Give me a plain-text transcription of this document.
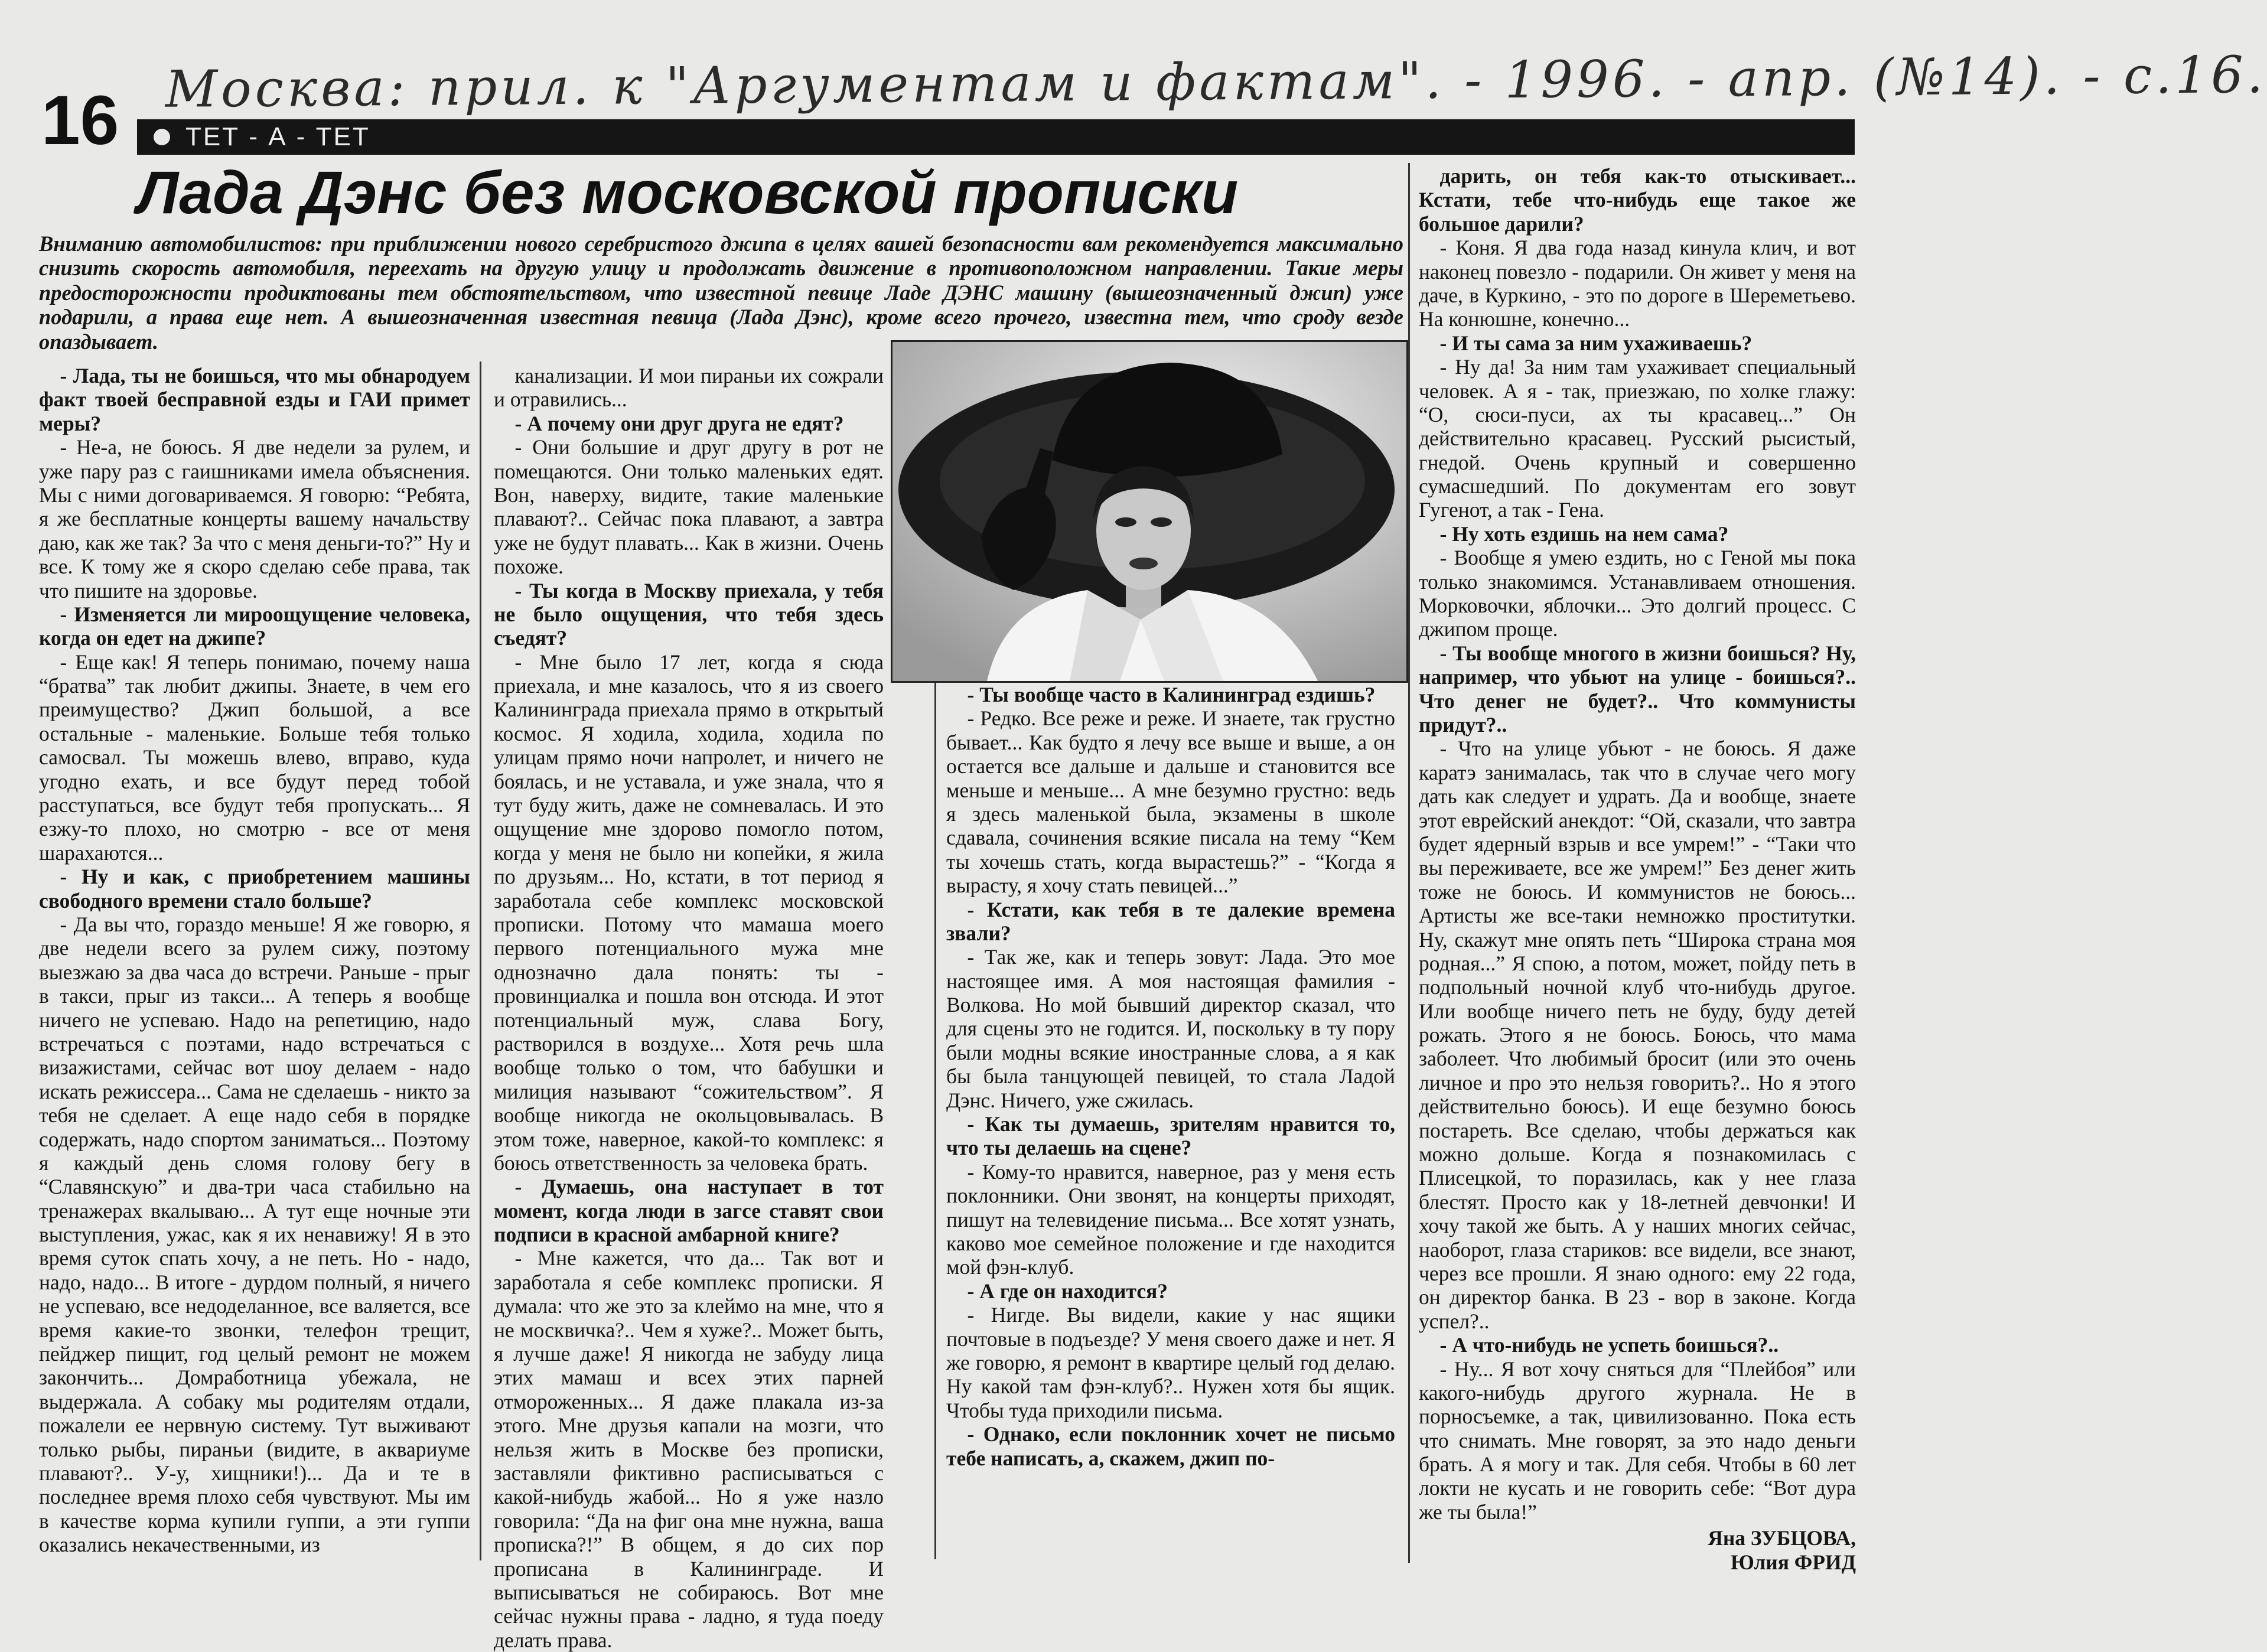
Москва: прил. к "Аргументам и фактам". - 1996. - апр. (№14). - с.16.
16	ТЕТ - А - ТЕТ
Лада Дэнс без московской прописки
Вниманию автомобилистов: при приближении нового серебристого джипа в целях вашей безопасности вам рекомендуется максимально снизить скорость автомобиля, переехать на другую улицу и продолжать движение в противоположном направлении. Такие меры предосторожности продиктованы тем обстоятельством, что известной певице Ладе ДЭНС машину (вышеозначенный джип) уже подарили, а права еще нет. А вышеозначенная известная певица (Лада Дэнс), кроме всего прочего, известна тем, что сроду везде опаздывает.

- Лада, ты не боишься, что мы обнародуем факт твоей бесправной езды и ГАИ примет меры?

- Не-а, не боюсь. Я две недели за рулем, и уже пару раз с гаишниками имела объяснения. Мы с ними договариваемся. Я говорю: “Ребята, я же бесплатные концерты вашему начальству даю, как же так? За что с меня деньги-то?” Ну и все. К тому же я скоро сделаю себе права, так что пишите на здоровье.

- Изменяется ли мироощущение человека, когда он едет на джипе?

- Еще как! Я теперь понимаю, почему наша “братва” так любит джипы. Знаете, в чем его преимущество? Джип большой, а все остальные - маленькие. Больше тебя только самосвал. Ты можешь влево, вправо, куда угодно ехать, и все будут перед тобой расступаться, все будут тебя пропускать... Я езжу-то плохо, но смотрю - все от меня шарахаются...

- Ну и как, с приобретением машины свободного времени стало больше?

- Да вы что, гораздо меньше! Я же говорю, я две недели всего за рулем сижу, поэтому выезжаю за два часа до встречи. Раньше - прыг в такси, прыг из такси... А теперь я вообще ничего не успеваю. Надо на репетицию, надо встречаться с поэтами, надо встречаться с визажистами, сейчас вот шоу делаем - надо искать режиссера... Сама не сделаешь - никто за тебя не сделает. А еще надо себя в порядке содержать, надо спортом заниматься... Поэтому я каждый день сломя голову бегу в “Славянскую” и два-три часа стабильно на тренажерах вкалываю... А тут еще ночные эти выступления, ужас, как я их ненавижу! Я в это время суток спать хочу, а не петь. Но - надо, надо, надо... В итоге - дурдом полный, я ничего не успеваю, все недоделанное, все валяется, все время какие-то звонки, телефон трещит, пейджер пищит, год целый ремонт не можем закончить... Домработница убежала, не выдержала. А собаку мы родителям отдали, пожалели ее нервную систему. Тут выживают только рыбы, пираньи (видите, в аквариуме плавают?.. У-у, хищники!)... Да и те в последнее время плохо себя чувствуют. Мы им в качестве корма купили гуппи, а эти гуппи оказались некачественными, из

канализации. И мои пираньи их сожрали и отравились...

- А почему они друг друга не едят?

- Они большие и друг другу в рот не помещаются. Они только маленьких едят. Вон, наверху, видите, такие маленькие плавают?.. Сейчас пока плавают, а завтра уже не будут плавать... Как в жизни. Очень похоже.

- Ты когда в Москву приехала, у тебя не было ощущения, что тебя здесь съедят?

- Мне было 17 лет, когда я сюда приехала, и мне казалось, что я из своего Калининграда приехала прямо в открытый космос. Я ходила, ходила, ходила по улицам прямо ночи напролет, и ничего не боялась, и не уставала, и уже знала, что я тут буду жить, даже не сомневалась. И это ощущение мне здорово помогло потом, когда у меня не было ни копейки, я жила по друзьям... Но, кстати, в тот период я заработала себе комплекс московской прописки. Потому что мамаша моего первого потенциального мужа мне однозначно дала понять: ты - провинциалка и пошла вон отсюда. И этот потенциальный муж, слава Богу, растворился в воздухе... Хотя речь шла вообще только о том, что бабушки и милиция называют “сожительством”. Я вообще никогда не окольцовывалась. В этом тоже, наверное, какой-то комплекс: я боюсь ответственность за человека брать.

- Думаешь, она наступает в тот момент, когда люди в загсе ставят свои подписи в красной амбарной книге?

- Мне кажется, что да... Так вот и заработала я себе комплекс прописки. Я думала: что же это за клеймо на мне, что я не москвичка?.. Чем я хуже?.. Может быть, я лучше даже! Я никогда не забуду лица этих мамаш и всех этих парней отмороженных... Я даже плакала из-за этого. Мне друзья капали на мозги, что нельзя жить в Москве без прописки, заставляли фиктивно расписываться с какой-нибудь жабой... Но я уже назло говорила: “Да на фиг она мне нужна, ваша прописка?!” В общем, я до сих пор прописана в Калининграде. И выписываться не собираюсь. Вот мне сейчас нужны права - ладно, я туда поеду делать права.

- Ты вообще часто в Калининград ездишь?

- Редко. Все реже и реже. И знаете, так грустно бывает... Как будто я лечу все выше и выше, а он остается все дальше и дальше и становится все меньше и меньше... А мне безумно грустно: ведь я здесь маленькой была, экзамены в школе сдавала, сочинения всякие писала на тему “Кем ты хочешь стать, когда вырастешь?” - “Когда я вырасту, я хочу стать певицей...”

- Кстати, как тебя в те далекие времена звали?

- Так же, как и теперь зовут: Лада. Это мое настоящее имя. А моя настоящая фамилия - Волкова. Но мой бывший директор сказал, что для сцены это не годится. И, поскольку в ту пору были модны всякие иностранные слова, а я как бы была танцующей певицей, то стала Ладой Дэнс. Ничего, уже сжилась.

- Как ты думаешь, зрителям нравится то, что ты делаешь на сцене?

- Кому-то нравится, наверное, раз у меня есть поклонники. Они звонят, на концерты приходят, пишут на телевидение письма... Все хотят узнать, каково мое семейное положение и где находится мой фэн-клуб.

- А где он находится?

- Нигде. Вы видели, какие у нас ящики почтовые в подъезде? У меня своего даже и нет. Я же говорю, я ремонт в квартире целый год делаю. Ну какой там фэн-клуб?.. Нужен хотя бы ящик. Чтобы туда приходили письма.

- Однако, если поклонник хочет не письмо тебе написать, а, скажем, джип по-

дарить, он тебя как-то отыскивает... Кстати, тебе что-нибудь еще такое же большое дарили?

- Коня. Я два года назад кинула клич, и вот наконец повезло - подарили. Он живет у меня на даче, в Куркино, - это по дороге в Шереметьево. На конюшне, конечно...

- И ты сама за ним ухаживаешь?

- Ну да! За ним там ухаживает специальный человек. А я - так, приезжаю, по холке глажу: “О, сюси-пуси, ах ты красавец...” Он действительно красавец. Русский рысистый, гнедой. Очень крупный и совершенно сумасшедший. По документам его зовут Гугенот, а так - Гена.

- Ну хоть ездишь на нем сама?

- Вообще я умею ездить, но с Геной мы пока только знакомимся. Устанавливаем отношения. Морковочки, яблочки... Это долгий процесс. С джипом проще.

- Ты вообще многого в жизни боишься? Ну, например, что убьют на улице - боишься?.. Что денег не будет?.. Что коммунисты придут?..

- Что на улице убьют - не боюсь. Я даже каратэ занималась, так что в случае чего могу дать как следует и удрать. Да и вообще, знаете этот еврейский анекдот: “Ой, сказали, что завтра будет ядерный взрыв и все умрем!” - “Таки что вы переживаете, все же умрем!” Без денег жить тоже не боюсь. И коммунистов не боюсь... Артисты же все-таки немножко проститутки. Ну, скажут мне опять петь “Широка страна моя родная...” Я спою, а потом, может, пойду петь в подпольный ночной клуб что-нибудь другое. Или вообще ничего петь не буду, буду детей рожать. Этого я не боюсь. Боюсь, что мама заболеет. Что любимый бросит (или это очень личное и про это нельзя говорить?.. Но я этого действительно боюсь). И еще безумно боюсь постареть. Все сделаю, чтобы держаться как можно дольше. Когда я познакомилась с Плисецкой, то поразилась, как у нее глаза блестят. Просто как у 18-летней девчонки! И хочу такой же быть. А у наших многих сейчас, наоборот, глаза стариков: все видели, все знают, через все прошли. Я знаю одного: ему 22 года, он директор банка. В 23 - вор в законе. Когда успел?..

- А что-нибудь не успеть боишься?..

- Ну... Я вот хочу сняться для “Плейбоя” или какого-нибудь другого журнала. Не в порносъемке, а так, цивилизованно. Пока есть что снимать. Мне говорят, за это надо деньги брать. А я могу и так. Для себя. Чтобы в 60 лет локти не кусать и не говорить себе: “Вот дура же ты была!”

Яна ЗУБЦОВА,
Юлия ФРИД
